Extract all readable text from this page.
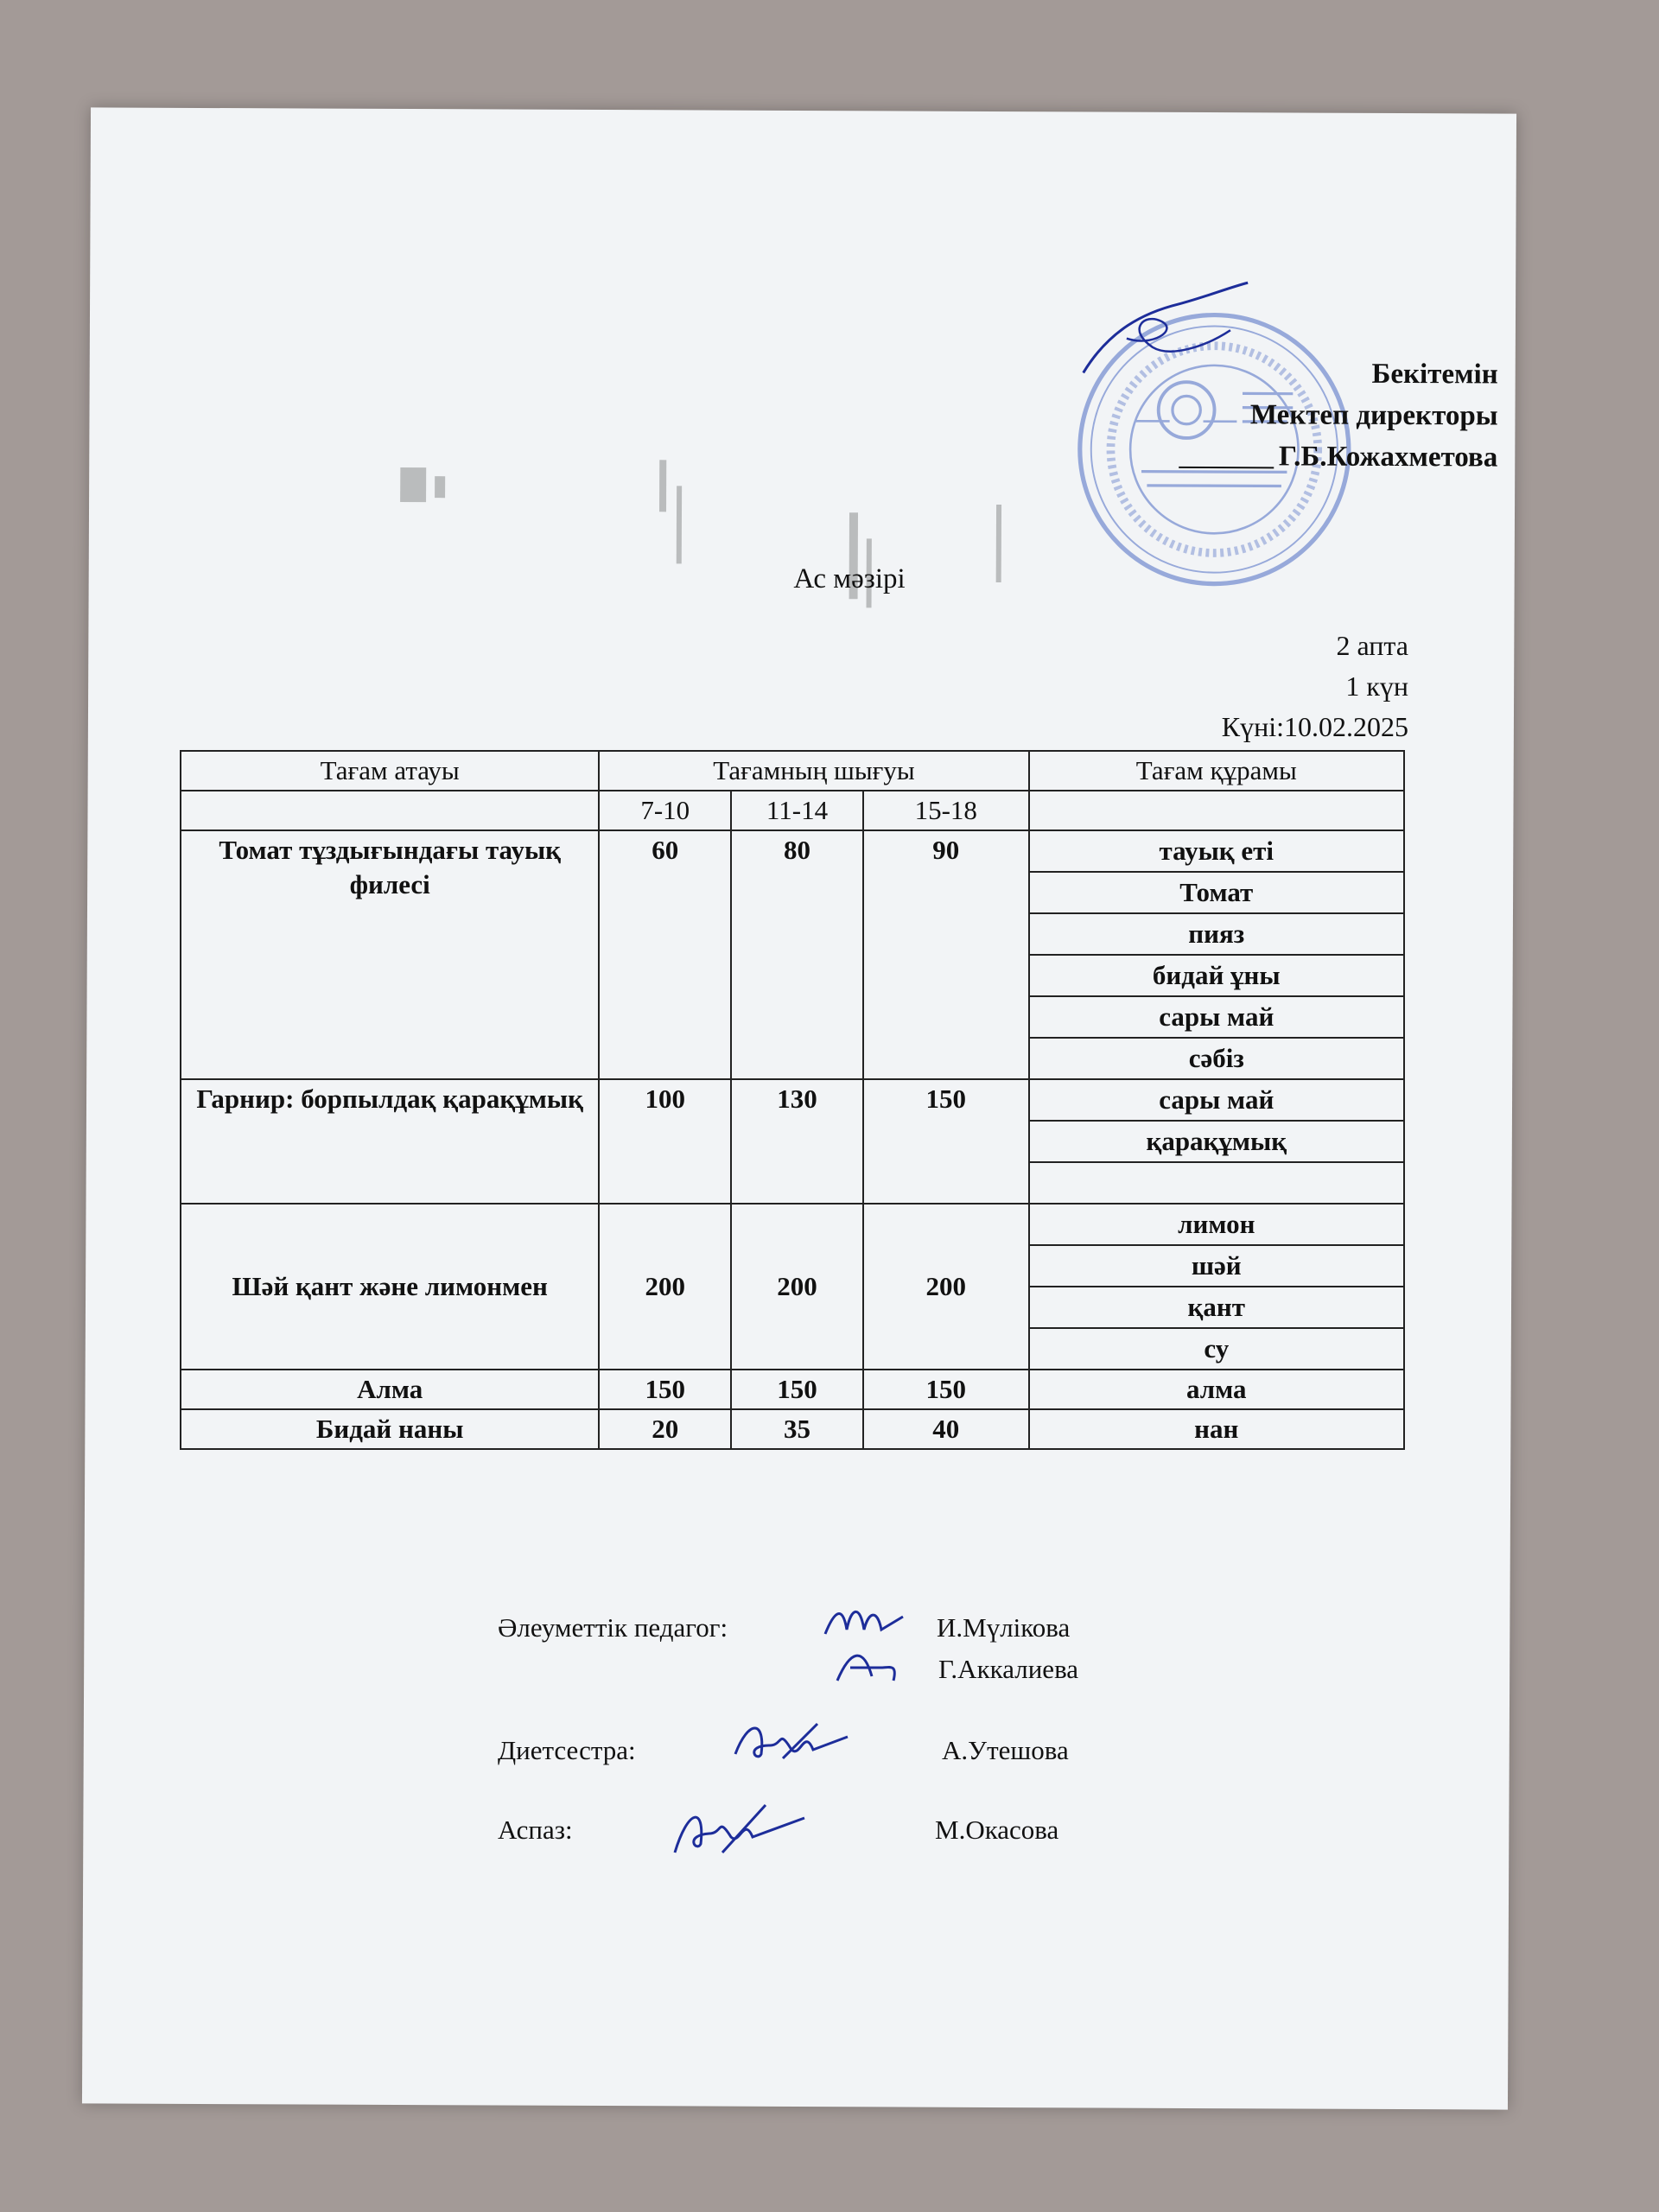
Бекітемін
Мектеп директоры
Г.Б.Кожахметова
Ас мәзірі
2 апта
1 күн
Күні:10.02.2025
Тағам атауы	Тағамның шығуы			Тағам құрамы
	7-10	11-14	15-18	
Томат тұздығындағы тауық филесі	60	80	90	тауық еті
				Томат
				пияз
				бидай ұны
				сары май
				сәбіз
Гарнир: борпылдақ қарақұмық	100	130	150	сары май
				қарақұмық

Шәй қант және лимонмен	200	200	200	лимон
				шәй
				қант
				су
Алма	150	150	150	алма
Бидай наны	20	35	40	нан
Әлеуметтік педагог:	И.Мүлікова
Г.Аккалиева
Диетсестра:	А.Утешова
Аспаз:	М.Окасова
